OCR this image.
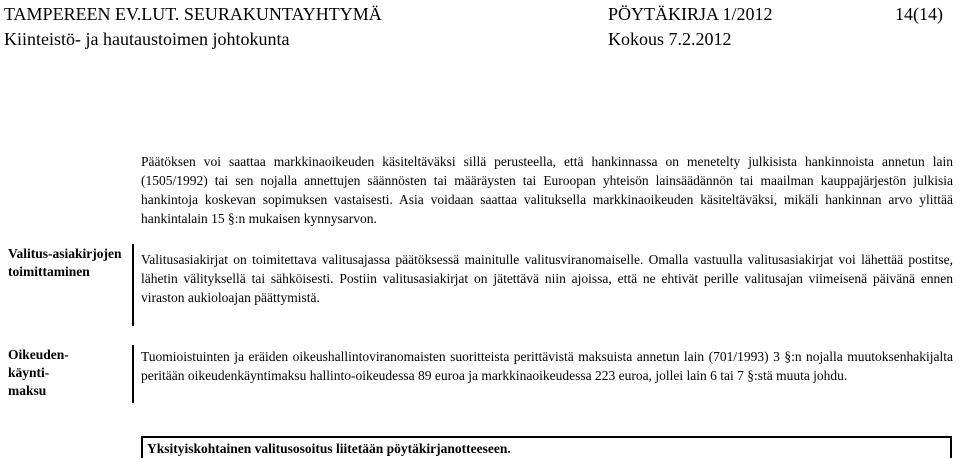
TAMPEREEN EV.LUT. SEURAKUNTAYHTYMÄ	PÖYTÄKIRJA 1/2012	14(14)
Kiinteistö- ja hautaustoimen johtokunta	Kokous 7.2.2012
Päätöksen voi saattaa markkinaoikeuden käsiteltäväksi sillä perusteella, että hankinnassa on menetelty julkisista hankinnoista annetun lain (1505/1992) tai sen nojalla annettujen säännösten tai määräysten tai Euroopan yhteisön lainsäädännön tai maailman kauppajärjestön julkisia hankintoja koskevan sopimuksen vastaisesti. Asia voidaan saattaa valituksella markkinaoikeuden käsiteltäväksi, mikäli hankinnan arvo ylittää hankintalain 15 §:n mukaisen kynnysarvon.
Valitus-asiakirjojen toimittaminen
Valitusasiakirjat on toimitettava valitusajassa päätöksessä mainitulle valitusviranomaiselle. Omalla vastuulla valitusasiakirjat voi lähettää postitse, lähetin välityksellä tai sähköisesti. Postiin valitusasiakirjat on jätettävä niin ajoissa, että ne ehtivät perille valitusajan viimeisenä päivänä ennen viraston aukioloajan päättymistä.
Oikeuden-käynti-maksu
Tuomioistuinten ja eräiden oikeushallintoviranomaisten suoritteista perittävistä maksuista annetun lain (701/1993) 3 §:n nojalla muutoksenhakijalta peritään oikeudenkäyntimaksu hallinto-oikeudessa 89 euroa ja markkinaoikeudessa 223 euroa, jollei lain 6 tai 7 §:stä muuta johdu.
Yksityiskohtainen valitusosoitus liitetään pöytäkirjanotteeseen.
